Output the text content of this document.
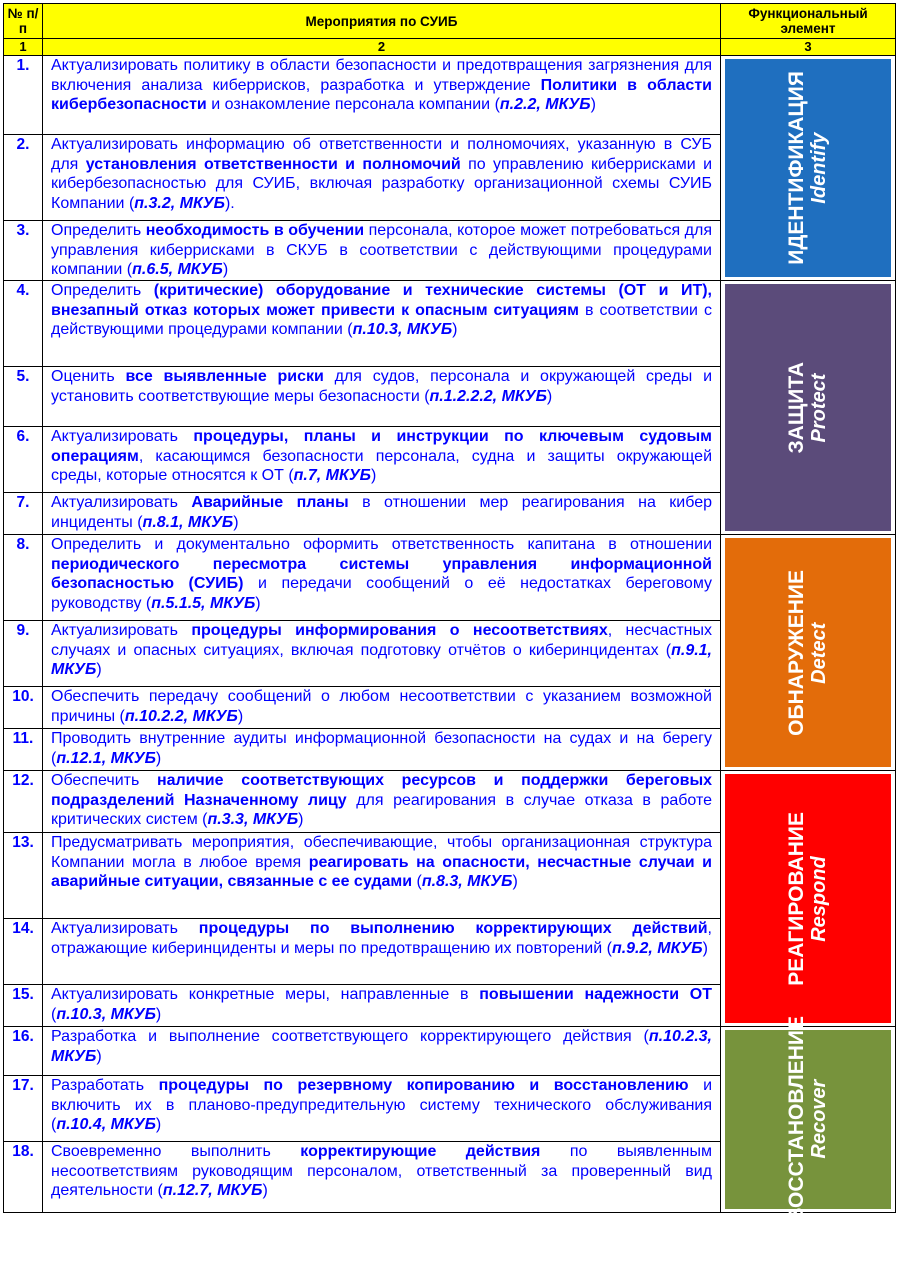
№ п/п	Мероприятия по СУИБ	Функциональный элемент
1	2	3
1.	Актуализировать политику в области безопасности и предотвращения загрязнения для включения анализа киберрисков, разработка и утверждение Политики в области кибербезопасности и ознакомление персонала компании (п.2.2, МКУБ)	ИДЕНТИФИКАЦИЯ Identify

2.	Актуализировать информацию об ответственности и полномочиях, указанную в СУБ для установления ответственности и полномочий по управлению киберрисками и кибербезопасностью для СУИБ, включая разработку организационной схемы СУИБ Компании (п.3.2, МКУБ).	
3.	Определить необходимость в обучении персонала, которое может потребоваться для управления киберрисками в СКУБ в соответствии с действующими процедурами компании (п.6.5, МКУБ)	
4.	Определить (критические) оборудование и технические системы (ОТ и ИТ), внезапный отказ которых может привести к опасным ситуациям в соответствии с действующими процедурами компании (п.10.3, МКУБ)	ЗАЩИТА Protect

5.	Оценить все выявленные риски для судов, персонала и окружающей среды и установить соответствующие меры безопасности (п.1.2.2.2, МКУБ)	
6.	Актуализировать процедуры, планы и инструкции по ключевым судовым операциям, касающимся безопасности персонала, судна и защиты окружающей среды, которые относятся к ОТ (п.7, МКУБ)	
7.	Актуализировать Аварийные планы в отношении мер реагирования на кибер инциденты (п.8.1, МКУБ)	
8.	Определить и документально оформить ответственность капитана в отношении периодического пересмотра системы управления информационной безопасностью (СУИБ) и передачи сообщений о её недостатках береговому руководству (п.5.1.5, МКУБ)	ОБНАРУЖЕНИЕ Detect

9.	Актуализировать процедуры информирования о несоответствиях, несчастных случаях и опасных ситуациях, включая подготовку отчётов о киберинцидентах (п.9.1, МКУБ)	
10.	Обеспечить передачу сообщений о любом несоответствии с указанием возможной причины (п.10.2.2, МКУБ)	
11.	Проводить внутренние аудиты информационной безопасности на судах и на берегу (п.12.1, МКУБ)	
12.	Обеспечить наличие соответствующих ресурсов и поддержки береговых подразделений Назначенному лицу для реагирования в случае отказа в работе критических систем (п.3.3, МКУБ)	РЕАГИРОВАНИЕ Respond

13.	Предусматривать мероприятия, обеспечивающие, чтобы организационная структура Компании могла в любое время реагировать на опасности, несчастные случаи и аварийные ситуации, связанные с ее судами (п.8.3, МКУБ)	
14.	Актуализировать процедуры по выполнению корректирующих действий, отражающие киберинциденты и меры по предотвращению их повторений (п.9.2, МКУБ)	
15.	Актуализировать конкретные меры, направленные в повышении надежности ОТ (п.10.3, МКУБ)	
16.	Разработка и выполнение соответствующего корректирующего действия (п.10.2.3, МКУБ)	ВОССТАНОВЛЕНИЕ Recover

17.	Разработать процедуры по резервному копированию и восстановлению и включить их в планово-предупредительную систему технического обслуживания (п.10.4, МКУБ)	
18.	Своевременно выполнить корректирующие действия по выявленным несоответствиям руководящим персоналом, ответственный за проверенный вид деятельности (п.12.7, МКУБ)	
